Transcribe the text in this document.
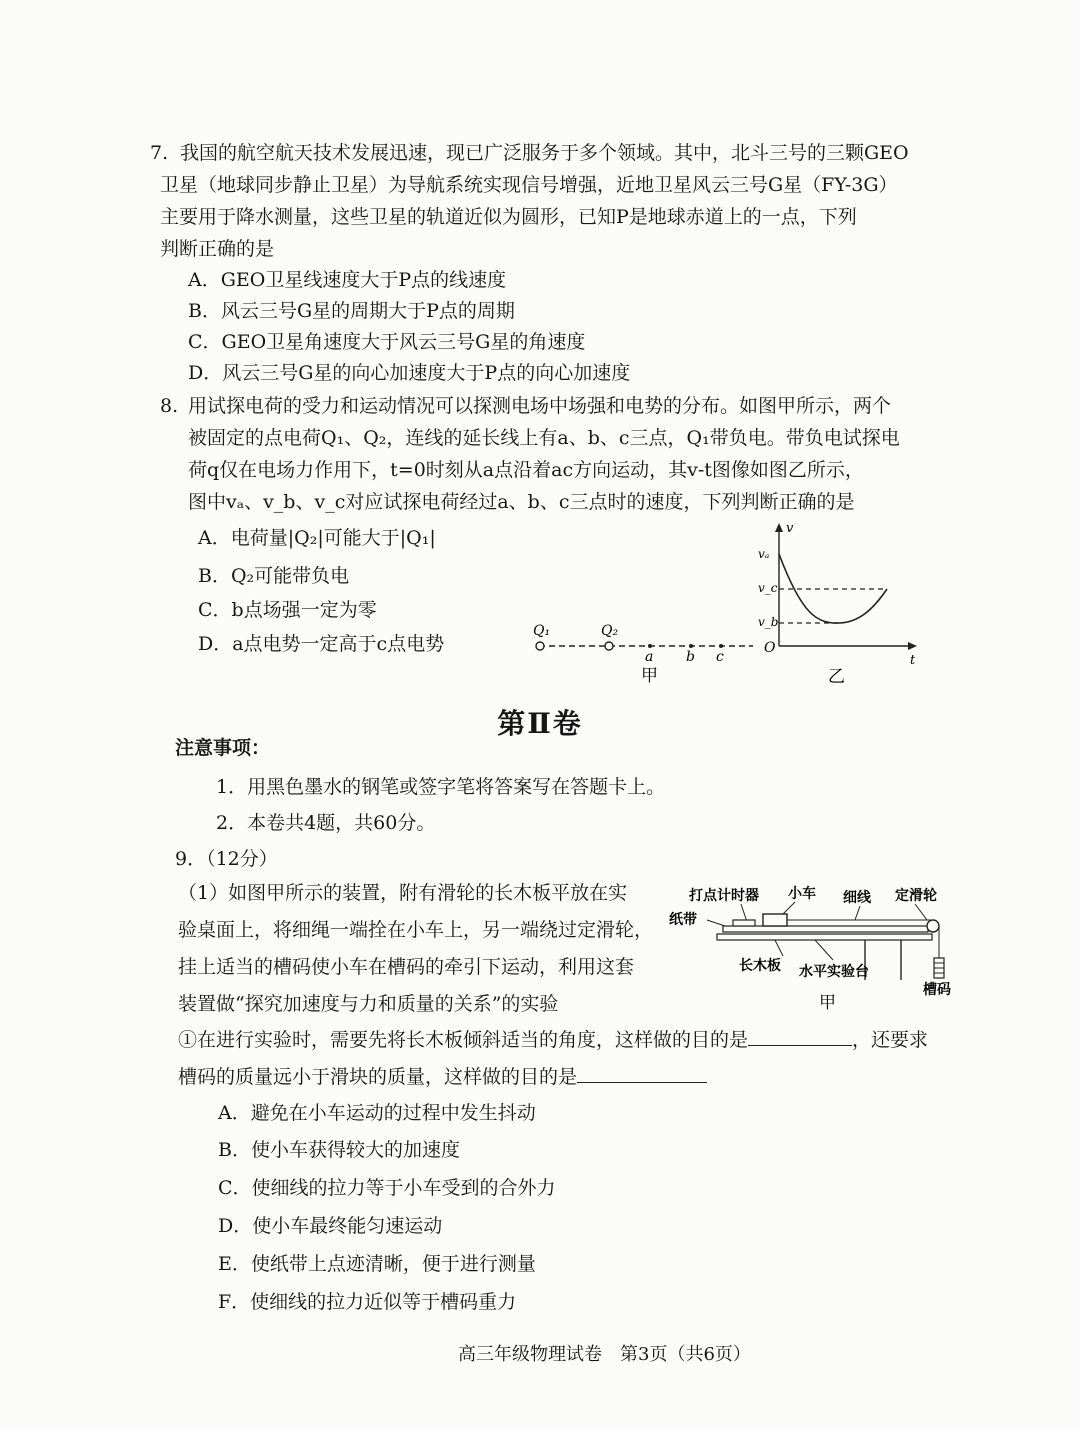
7. 我国的航空航天技术发展迅速，现已广泛服务于多个领域。其中，北斗三号的三颗GEO
卫星（地球同步静止卫星）为导航系统实现信号增强，近地卫星风云三号G星（FY-3G）
主要用于降水测量，这些卫星的轨道近似为圆形，已知P是地球赤道上的一点，下列
判断正确的是
A．GEO卫星线速度大于P点的线速度
B．风云三号G星的周期大于P点的周期
C．GEO卫星角速度大于风云三号G星的角速度
D．风云三号G星的向心加速度大于P点的向心加速度
8. 用试探电荷的受力和运动情况可以探测电场中场强和电势的分布。如图甲所示，两个
被固定的点电荷Q₁、Q₂，连线的延长线上有a、b、c三点，Q₁带负电。带负电试探电
荷q仅在电场力作用下，t=0时刻从a点沿着ac方向运动，其v-t图像如图乙所示，
图中vₐ、v_b、v_c对应试探电荷经过a、b、c三点时的速度，下列判断正确的是
A．电荷量|Q₂|可能大于|Q₁|
B．Q₂可能带负电
C．b点场强一定为零
D．a点电势一定高于c点电势
Q₁	Q₂
a b c
甲
v
t
O
vₐ
v_c
v_b
乙
第Ⅱ卷
注意事项：
1．用黑色墨水的钢笔或签字笔将答案写在答题卡上。
2．本卷共4题，共60分。
9．（12分）
（1）如图甲所示的装置，附有滑轮的长木板平放在实
验桌面上，将细绳一端拴在小车上，另一端绕过定滑轮，
挂上适当的槽码使小车在槽码的牵引下运动，利用这套
装置做“探究加速度与力和质量的关系”的实验
打点计时器 小车 细线 定滑轮
纸带
长木板 水平实验台
槽码
甲
①在进行实验时，需要先将长木板倾斜适当的角度，这样做的目的是	，还要求
槽码的质量远小于滑块的质量，这样做的目的是
A．避免在小车运动的过程中发生抖动
B．使小车获得较大的加速度
C．使细线的拉力等于小车受到的合外力
D．使小车最终能匀速运动
E．使纸带上点迹清晰，便于进行测量
F．使细线的拉力近似等于槽码重力
高三年级物理试卷　第3页（共6页）
